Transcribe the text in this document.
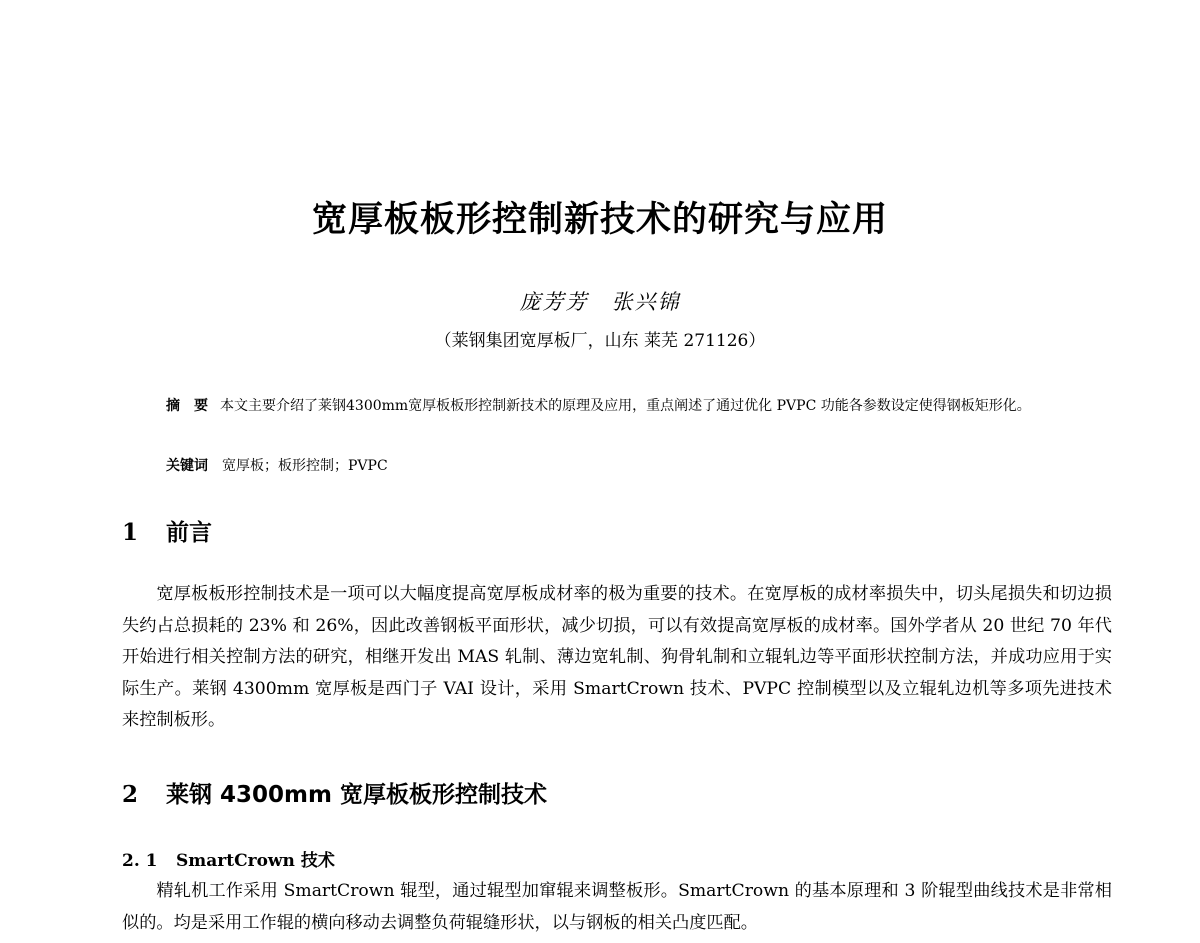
宽厚板板形控制新技术的研究与应用
庞芳芳　张兴锦
（莱钢集团宽厚板厂，山东 莱芜 271126）
摘　要 本文主要介绍了莱钢4300mm宽厚板板形控制新技术的原理及应用，重点阐述了通过优化 PVPC 功能各参数设定使得钢板矩形化。
关键词 宽厚板；板形控制；PVPC
1 前言

宽厚板板形控制技术是一项可以大幅度提高宽厚板成材率的极为重要的技术。在宽厚板的成材率损失中，切头尾损失和切边损失约占总损耗的 23% 和 26%，因此改善钢板平面形状，减少切损，可以有效提高宽厚板的成材率。国外学者从 20 世纪 70 年代开始进行相关控制方法的研究，相继开发出 MAS 轧制、薄边宽轧制、狗骨轧制和立辊轧边等平面形状控制方法，并成功应用于实际生产。莱钢 4300mm 宽厚板是西门子 VAI 设计，采用 SmartCrown 技术、PVPC 控制模型以及立辊轧边机等多项先进技术来控制板形。

2 莱钢 4300mm 宽厚板板形控制技术
2. 1 SmartCrown 技术

精轧机工作采用 SmartCrown 辊型，通过辊型加窜辊来调整板形。SmartCrown 的基本原理和 3 阶辊型曲线技术是非常相似的。均是采用工作辊的横向移动去调整负荷辊缝形状，以与钢板的相关凸度匹配。
